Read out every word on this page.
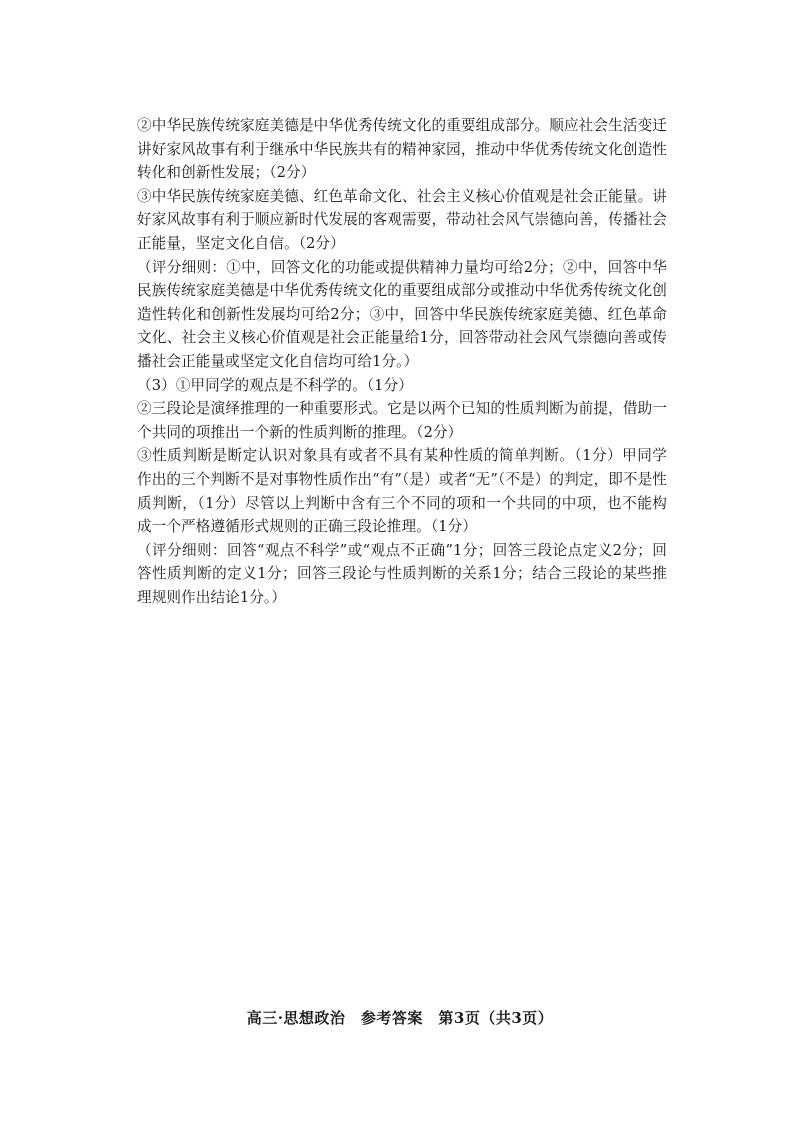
②中华民族传统家庭美德是中华优秀传统文化的重要组成部分。顺应社会生活变迁讲好家风故事有利于继承中华民族共有的精神家园，推动中华优秀传统文化创造性转化和创新性发展；（2分）

③中华民族传统家庭美德、红色革命文化、社会主义核心价值观是社会正能量。讲好家风故事有利于顺应新时代发展的客观需要，带动社会风气崇德向善，传播社会正能量，坚定文化自信。（2分）

（评分细则：①中，回答文化的功能或提供精神力量均可给2分；②中，回答中华民族传统家庭美德是中华优秀传统文化的重要组成部分或推动中华优秀传统文化创造性转化和创新性发展均可给2分；③中，回答中华民族传统家庭美德、红色革命文化、社会主义核心价值观是社会正能量给1分，回答带动社会风气崇德向善或传播社会正能量或坚定文化自信均可给1分。）

（3）①甲同学的观点是不科学的。（1分）

②三段论是演绎推理的一种重要形式。它是以两个已知的性质判断为前提，借助一个共同的项推出一个新的性质判断的推理。（2分）

③性质判断是断定认识对象具有或者不具有某种性质的简单判断。（1分）甲同学作出的三个判断不是对事物性质作出“有”（是）或者“无”（不是）的判定，即不是性质判断，（1分）尽管以上判断中含有三个不同的项和一个共同的中项，也不能构成一个严格遵循形式规则的正确三段论推理。（1分）

（评分细则：回答“观点不科学”或“观点不正确”1分；回答三段论点定义2分；回答性质判断的定义1分；回答三段论与性质判断的关系1分；结合三段论的某些推理规则作出结论1分。）

高三·思想政治　参考答案　第3页（共3页）
